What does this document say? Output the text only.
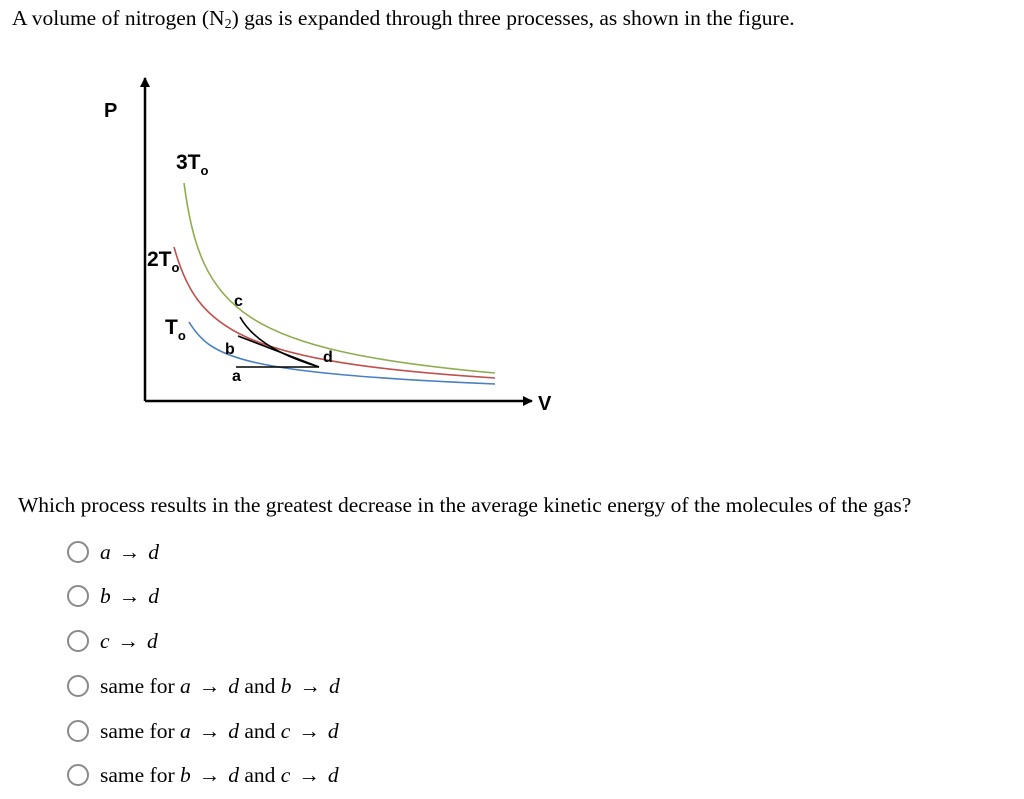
A volume of nitrogen $(N_2)$ gas is expanded through three processes, as shown in the figure.
P
V
$3T_o$
$2T_o$
$T_o$
c
b
a
d
Which process results in the greatest decrease in the average kinetic energy of the molecules of the gas?
a → d
b → d
c → d
same for a → d and b → d
same for a → d and c → d
same for b → d and c → d
